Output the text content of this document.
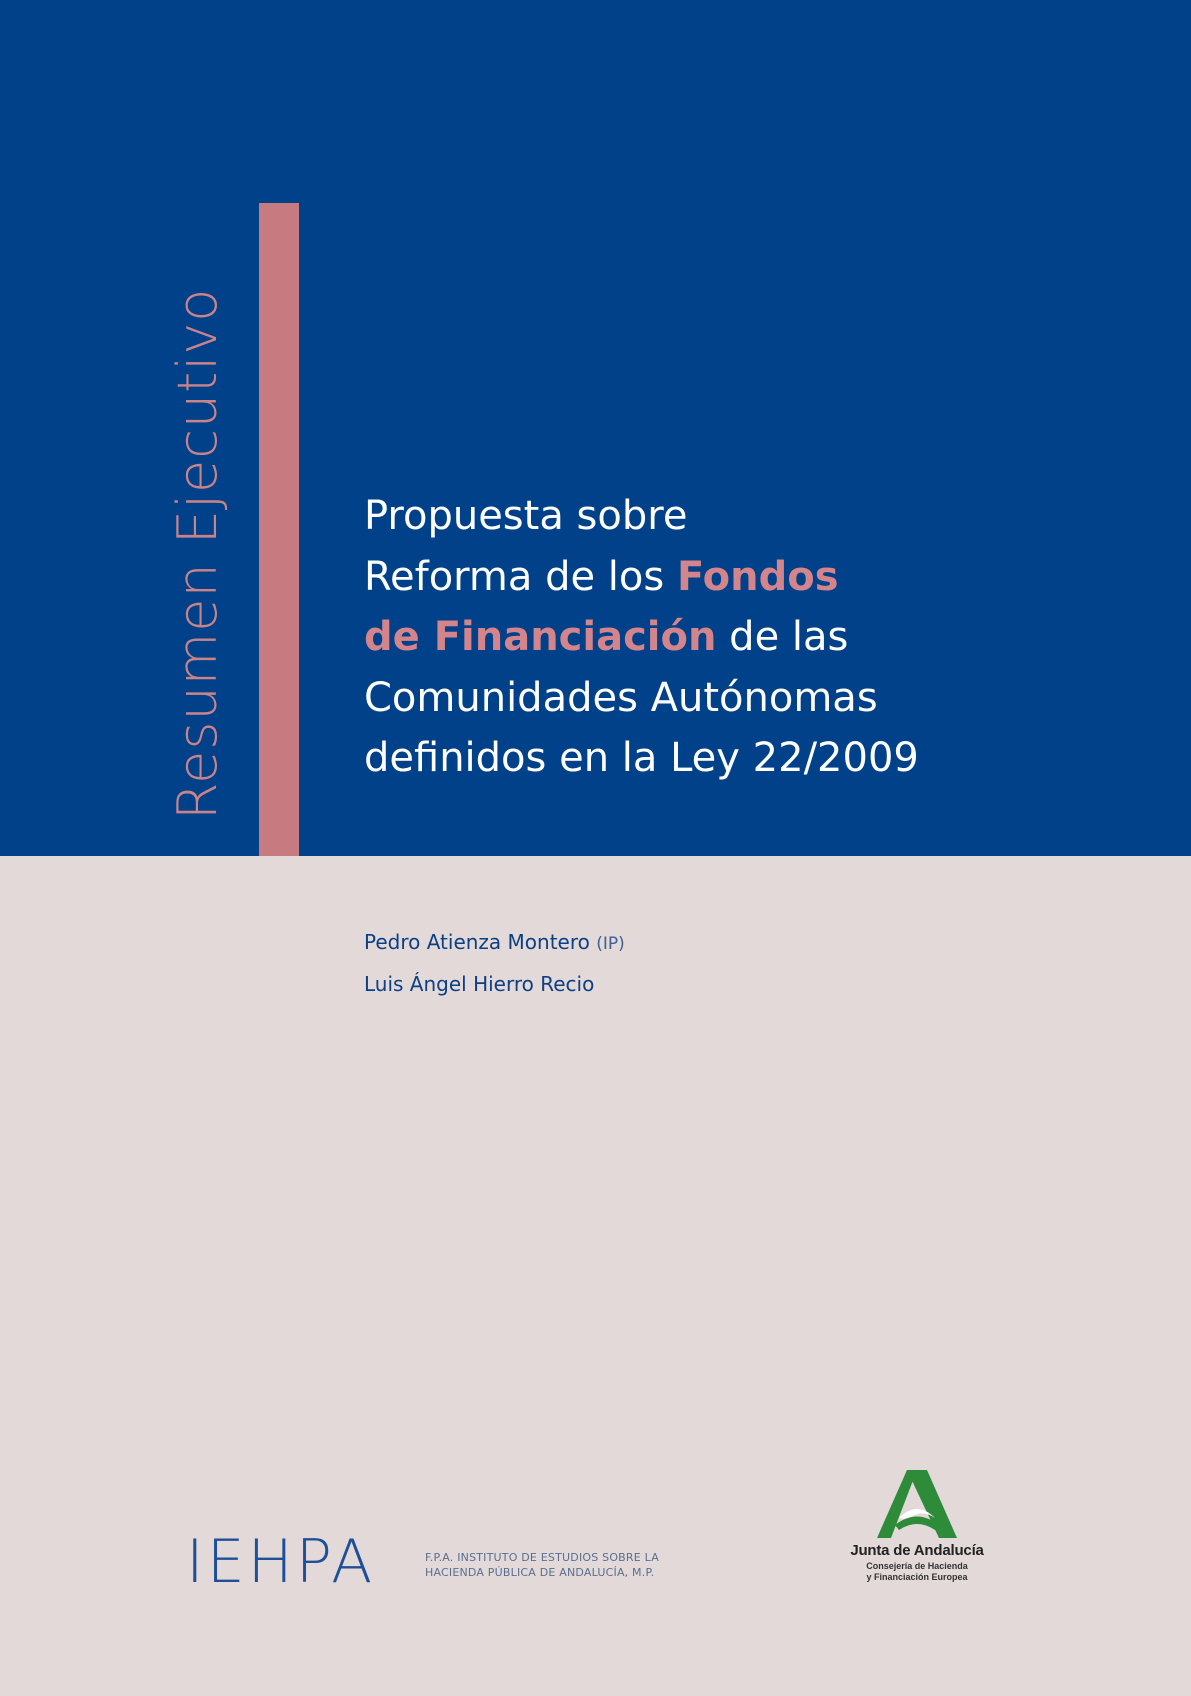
Resumen Ejecutivo	Propuesta sobre
Reforma de los Fondos
de Financiación de las
Comunidades Autónomas
definidos en la Ley 22/2009
Pedro Atienza Montero (IP)
Luis Ángel Hierro Recio
IEHPA	F.P.A. INSTITUTO DE ESTUDIOS SOBRE LA
HACIENDA PÚBLICA DE ANDALUCÍA, M.P.
Junta de Andalucía
Consejería de Hacienda
y Financiación Europea
